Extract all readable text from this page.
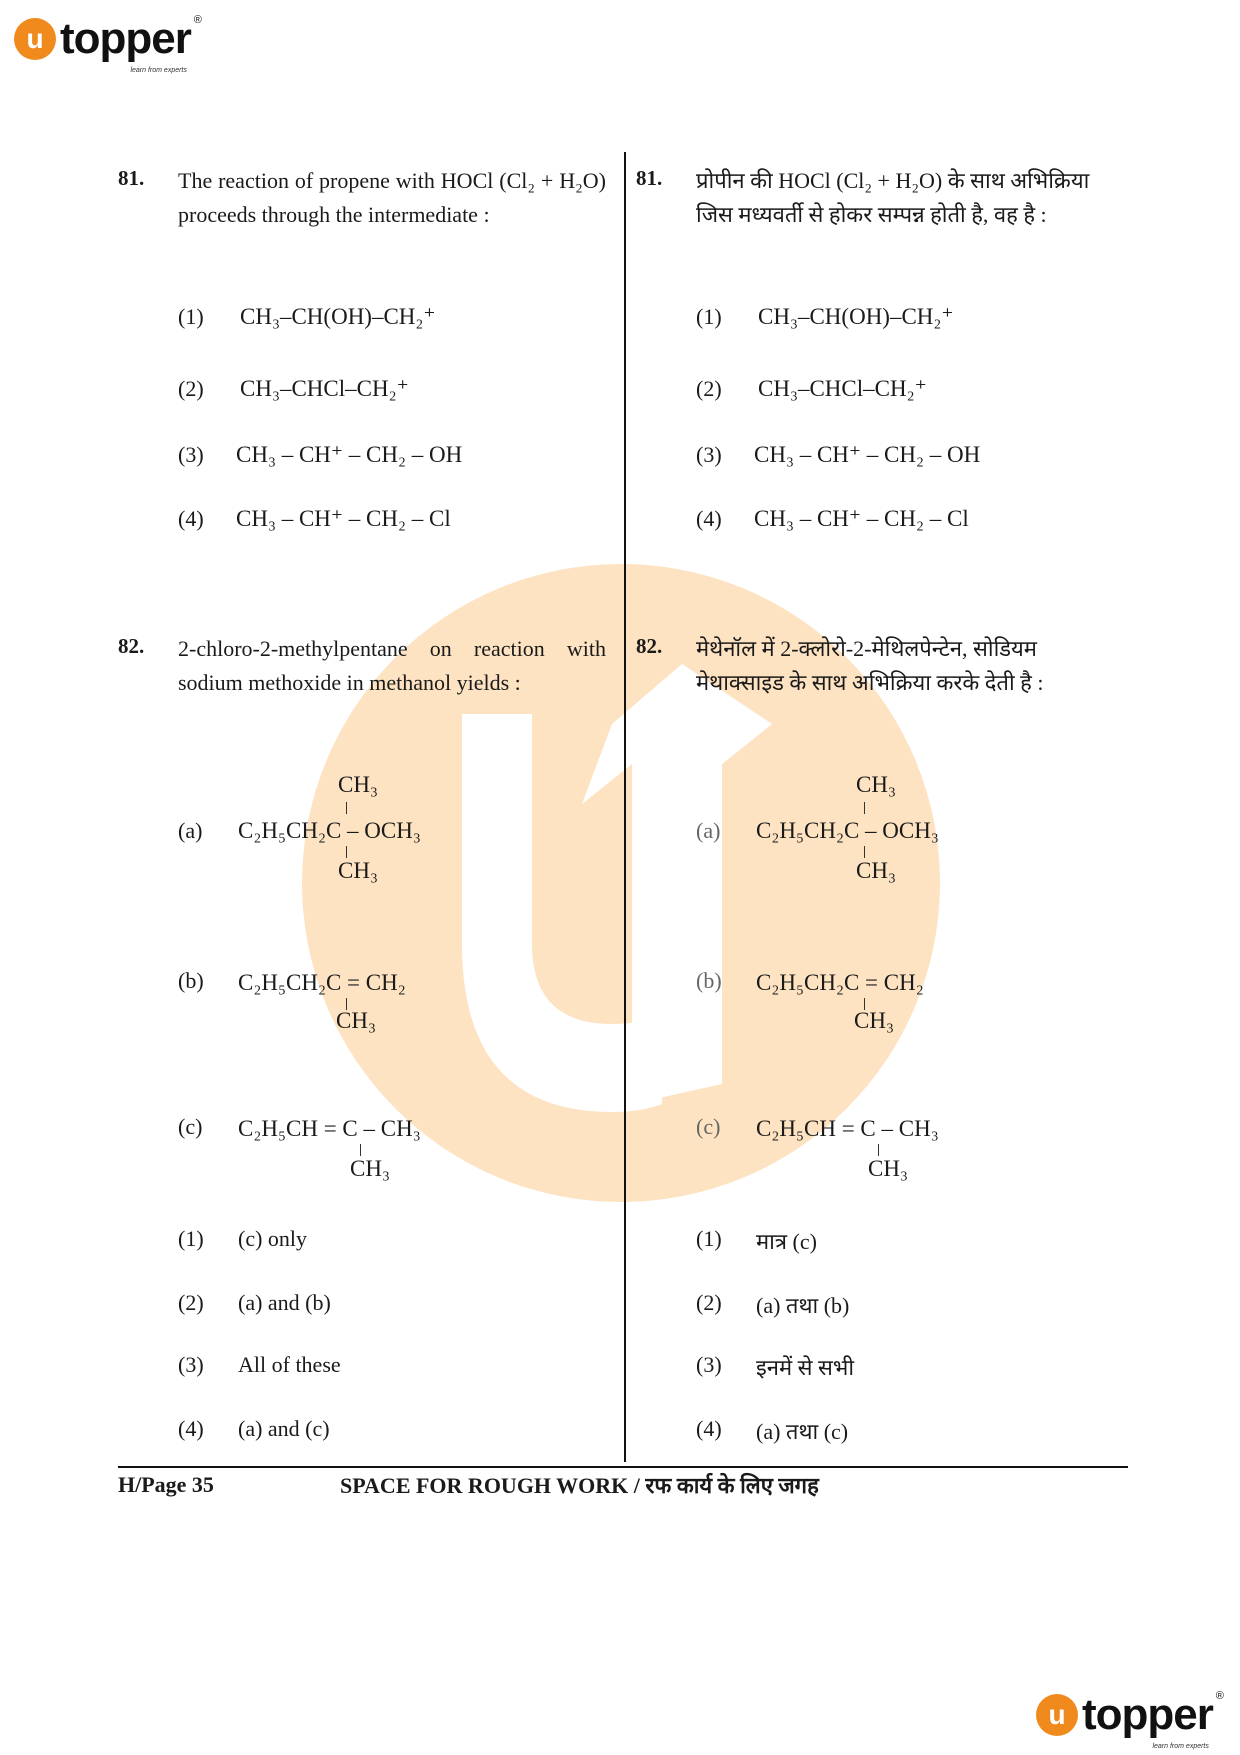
u topper ®
learn from experts
81. The reaction of propene with HOCl (Cl₂ + H₂O) proceeds through the intermediate :
(1) CH₃–CH(OH)–CH₂⁺
(2) CH₃–CHCl–CH₂⁺
(3) CH₃ – CH⁺ – CH₂ – OH
(4) CH₃ – CH⁺ – CH₂ – Cl
81. प्रोपीन की HOCl (Cl₂ + H₂O) के साथ अभिक्रिया जिस मध्यवर्ती से होकर सम्पन्न होती है, वह है :
(1) CH₃–CH(OH)–CH₂⁺
(2) CH₃–CHCl–CH₂⁺
(3) CH₃ – CH⁺ – CH₂ – OH
(4) CH₃ – CH⁺ – CH₂ – Cl
82. 2-chloro-2-methylpentane on reaction with sodium methoxide in methanol yields :
(a)
CH₃
C₂H₅CH₂C – OCH₃
CH₃
(b) C₂H₅CH₂C = CH₂
CH₃
(c) C₂H₅CH = C – CH₃
CH₃
(1) (c) only
(2) (a) and (b)
(3) All of these
(4) (a) and (c)
82. मेथेनॉल में 2-क्लोरो-2-मेथिलपेन्टेन, सोडियम मेथाक्साइड के साथ अभिक्रिया करके देती है :
(a)
CH₃
C₂H₅CH₂C – OCH₃
CH₃
(b) C₂H₅CH₂C = CH₂
CH₃
(c) C₂H₅CH = C – CH₃
CH₃
(1) मात्र (c)
(2) (a) तथा (b)
(3) इनमें से सभी
(4) (a) तथा (c)
H/Page 35	SPACE FOR ROUGH WORK / रफ कार्य के लिए जगह
u topper ®
learn from experts
